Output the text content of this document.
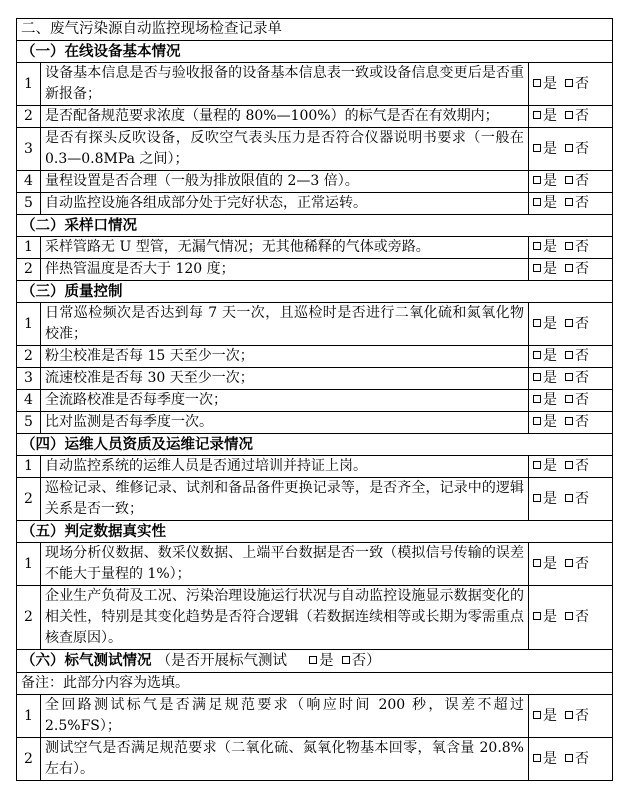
二、废气污染源自动监控现场检查记录单		
（一）在线设备基本情况		
1	设备基本信息是否与验收报备的设备基本信息表一致或设备信息变更后是否重新报备；	是 否
2	是否配备规范要求浓度（量程的 80%—100%）的标气是否在有效期内；	是 否
3	是否有探头反吹设备，反吹空气表头压力是否符合仪器说明书要求（一般在 0.3—0.8MPa 之间）；	是 否
4	量程设置是否合理（一般为排放限值的 2—3 倍）。	是 否
5	自动监控设施各组成部分处于完好状态，正常运转。	是 否
（二）采样口情况		
1	采样管路无 U 型管，无漏气情况；无其他稀释的气体或旁路。	是 否
2	伴热管温度是否大于 120 度；	是 否
（三）质量控制		
1	日常巡检频次是否达到每 7 天一次，且巡检时是否进行二氧化硫和氮氧化物校准；	是 否
2	粉尘校准是否每 15 天至少一次；	是 否
3	流速校准是否每 30 天至少一次；	是 否
4	全流路校准是否每季度一次；	是 否
5	比对监测是否每季度一次。	是 否
（四）运维人员资质及运维记录情况		
1	自动监控系统的运维人员是否通过培训并持证上岗。	是 否
2	巡检记录、维修记录、试剂和备品备件更换记录等，是否齐全，记录中的逻辑关系是否一致；	是 否
（五）判定数据真实性		
1	现场分析仪数据、数采仪数据、上端平台数据是否一致（模拟信号传输的误差不能大于量程的 1%）；	是 否
2	企业生产负荷及工况、污染治理设施运行状况与自动监控设施显示数据变化的相关性，特别是其变化趋势是否符合逻辑（若数据连续相等或长期为零需重点核查原因）。	是 否
（六）标气测试情况 （是否开展标气测试 是 否）		
备注：此部分内容为选填。		
1	全回路测试标气是否满足规范要求（响应时间 200 秒，误差不超过 2.5%FS）；	是 否
2	测试空气是否满足规范要求（二氧化硫、氮氧化物基本回零，氧含量 20.8%左右）。	是 否
